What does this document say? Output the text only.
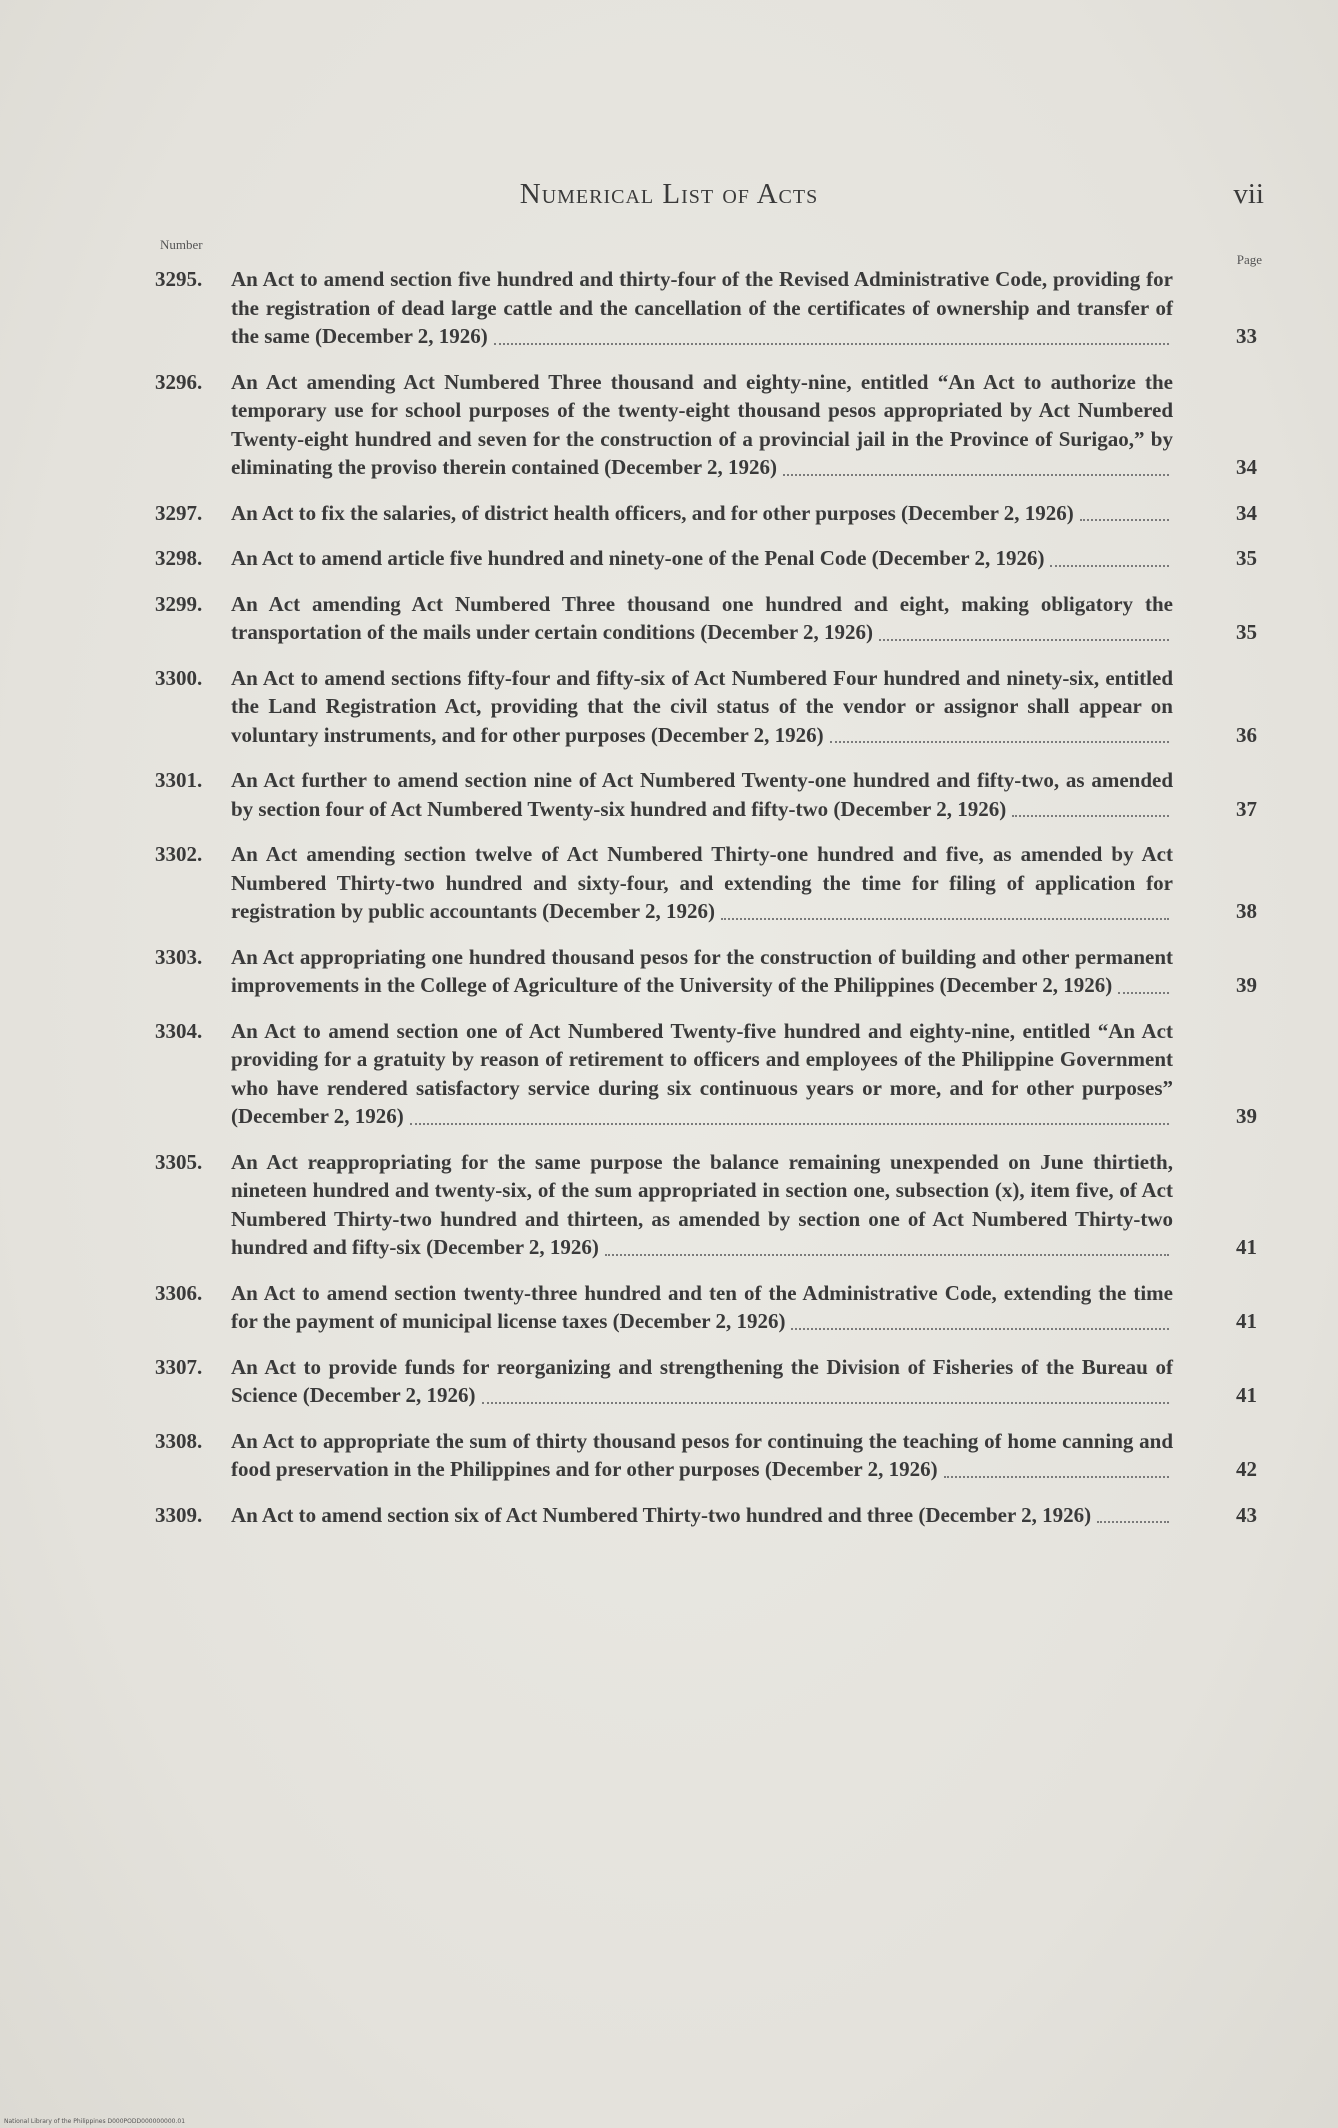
Numerical List of Acts	vii
Number
Page
3295.	An Act to amend section five hundred and thirty-four of the Revised Administrative Code, providing for the registration of dead large cattle and the cancellation of the certificates of ownership and transfer of the same (December 2, 1926)	33
3296.	An Act amending Act Numbered Three thousand and eighty-nine, entitled “An Act to authorize the temporary use for school purposes of the twenty-eight thousand pesos appropriated by Act Numbered Twenty-eight hundred and seven for the construction of a provincial jail in the Province of Surigao,” by eliminating the proviso therein contained (December 2, 1926)	34
3297.	An Act to fix the salaries, of district health officers, and for other purposes (December 2, 1926)	34
3298.	An Act to amend article five hundred and ninety-one of the Penal Code (December 2, 1926)	35
3299.	An Act amending Act Numbered Three thousand one hundred and eight, making obligatory the transportation of the mails under certain conditions (December 2, 1926)	35
3300.	An Act to amend sections fifty-four and fifty-six of Act Numbered Four hundred and ninety-six, entitled the Land Registration Act, providing that the civil status of the vendor or assignor shall appear on voluntary instruments, and for other purposes (December 2, 1926)	36
3301.	An Act further to amend section nine of Act Numbered Twenty-one hundred and fifty-two, as amended by section four of Act Numbered Twenty-six hundred and fifty-two (December 2, 1926)	37
3302.	An Act amending section twelve of Act Numbered Thirty-one hundred and five, as amended by Act Numbered Thirty-two hundred and sixty-four, and extending the time for filing of application for registration by public accountants (December 2, 1926)	38
3303.	An Act appropriating one hundred thousand pesos for the construction of building and other permanent improvements in the College of Agriculture of the University of the Philippines (December 2, 1926)	39
3304.	An Act to amend section one of Act Numbered Twenty-five hundred and eighty-nine, entitled “An Act providing for a gratuity by reason of retirement to officers and employees of the Philippine Government who have rendered satisfactory service during six continuous years or more, and for other purposes” (December 2, 1926)	39
3305.	An Act reappropriating for the same purpose the balance remaining unexpended on June thirtieth, nineteen hundred and twenty-six, of the sum appropriated in section one, subsection (x), item five, of Act Numbered Thirty-two hundred and thirteen, as amended by section one of Act Numbered Thirty-two hundred and fifty-six (December 2, 1926)	41
3306.	An Act to amend section twenty-three hundred and ten of the Administrative Code, extending the time for the payment of municipal license taxes (December 2, 1926)	41
3307.	An Act to provide funds for reorganizing and strengthening the Division of Fisheries of the Bureau of Science (December 2, 1926)	41
3308.	An Act to appropriate the sum of thirty thousand pesos for continuing the teaching of home canning and food preservation in the Philippines and for other purposes (December 2, 1926)	42
3309.	An Act to amend section six of Act Numbered Thirty-two hundred and three (December 2, 1926)	43
National Library of the Philippines D000PODD000000000.01
